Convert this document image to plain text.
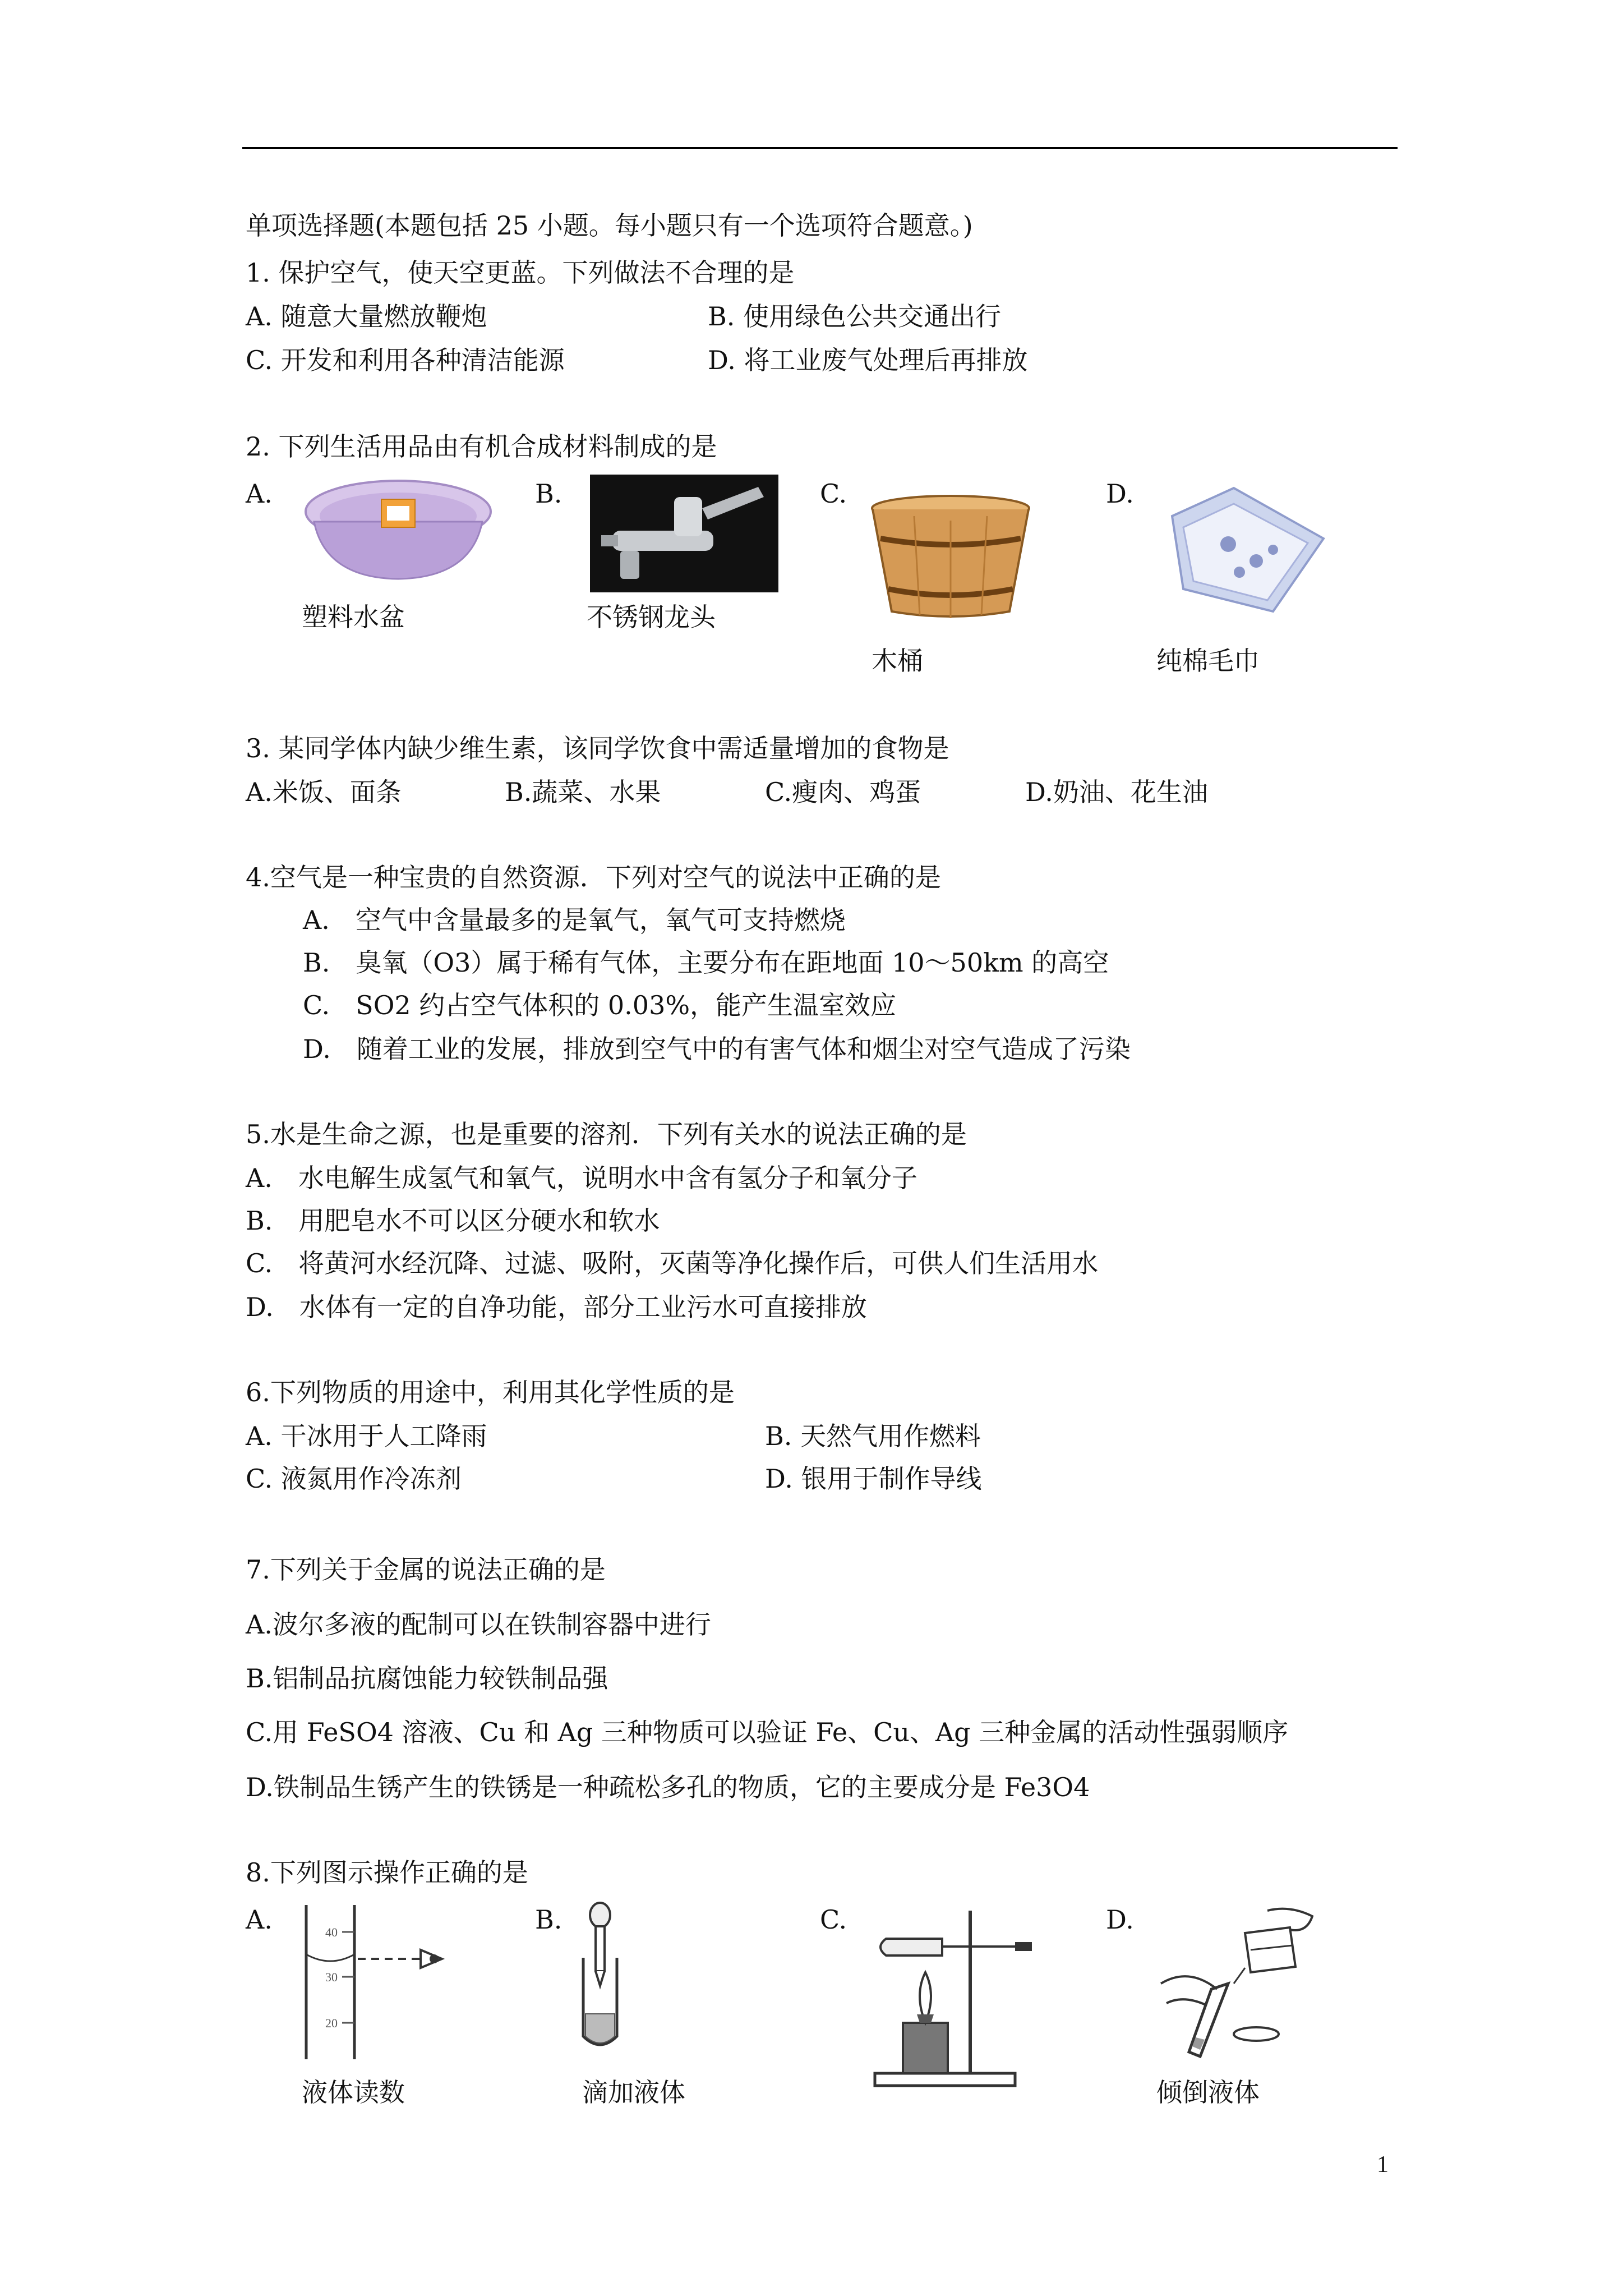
单项选择题(本题包括 25 小题。每小题只有一个选项符合题意。)
1. 保护空气，使天空更蓝。下列做法不合理的是
A. 随意大量燃放鞭炮	B. 使用绿色公共交通出行
C. 开发和利用各种清洁能源	D. 将工业废气处理后再排放
2. 下列生活用品由有机合成材料制成的是
A.	B.	C.	D.
塑料水盆	不锈钢龙头
木桶	纯棉毛巾
3. 某同学体内缺少维生素，该同学饮食中需适量增加的食物是
A.米饭、面条	B.蔬菜、水果	C.瘦肉、鸡蛋	D.奶油、花生油
4.空气是一种宝贵的自然资源．下列对空气的说法中正确的是
A.　空气中含量最多的是氧气，氧气可支持燃烧
B.　臭氧（O3）属于稀有气体，主要分布在距地面 10～50km 的高空
C.　SO2 约占空气体积的 0.03%，能产生温室效应
D.　随着工业的发展，排放到空气中的有害气体和烟尘对空气造成了污染
5.水是生命之源，也是重要的溶剂．下列有关水的说法正确的是
A.　水电解生成氢气和氧气，说明水中含有氢分子和氧分子
B.　用肥皂水不可以区分硬水和软水
C.　将黄河水经沉降、过滤、吸附，灭菌等净化操作后，可供人们生活用水
D.　水体有一定的自净功能，部分工业污水可直接排放
6.下列物质的用途中，利用其化学性质的是
A. 干冰用于人工降雨	B. 天然气用作燃料
C. 液氮用作冷冻剂	D. 银用于制作导线
7.下列关于金属的说法正确的是
A.波尔多液的配制可以在铁制容器中进行
B.铝制品抗腐蚀能力较铁制品强
C.用 FeSO4 溶液、Cu 和 Ag 三种物质可以验证 Fe、Cu、Ag 三种金属的活动性强弱顺序
D.铁制品生锈产生的铁锈是一种疏松多孔的物质，它的主要成分是 Fe3O4
8.下列图示操作正确的是
A.	B.	C.	D.
40
30
20
液体读数	滴加液体	倾倒液体
1
